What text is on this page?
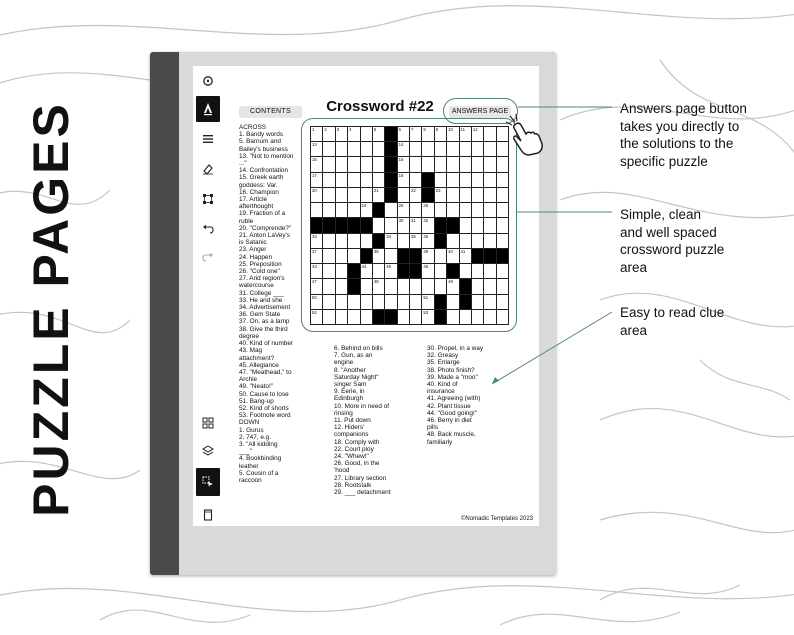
PUZZLE PAGES	CONTENTS	Crossword #22	ANSWERS PAGE
1 2 3 4	5	6 7 8 9 10 11 12
13	14
15	16
17	18
20	21	22	23
24	25	26
30 31 32
33	34	35 36
37	38	39	40 41
43	44	45	46
47	48	49
50	51
52	53
ACROSS
1. Bandy words
5. Barnum and
Bailey's business
13. "Not to mention
..."
14. Confrontation
15. Greek earth
goddess: Var.
16. Champion
17. Article
afterthought
19. Fraction of a
ruble
20. "Comprende?"
21. Anton LaVey's
is Satanic
23. Anger
24. Happen
25. Preposition
26. "Cold one"
27. Arid region's
watercourse
31. College ___
33. He and she
34. Advertisement
36. Gem State
37. On, as a lamp
38. Give the third
degree
40. Kind of number
43. Mag
attachment?
45. Allegiance
47. "Meathead," to
Archie
49. "Neato!"
50. Cause to lose
51. Bang-up
52. Kind of shorts
53. Footnote word
DOWN
1. Gurus
2. 747, e.g.
3. "All kidding
___"
4. Bookbinding
leather
5. Cousin of a
raccoon
6. Behind on bills
7. Gun, as an
engine
8. "Another
Saturday Night"
singer Sam
9. Eerie, in
Edinburgh
10. More in need of
rinsing
11. Put down
12. Hiders'
companions
18. Comply with
22. Court ploy
24. "Whew!"
26. Good, in the
'hood
27. Library section
28. Rootstalk
29. ___ detachment
30. Propel, in a way
32. Greasy
35. Enlarge
38. Photo finish?
39. Made a "moo"
40. Kind of
insurance
41. Agreeing (with)
42. Plant tissue
44. "Good going!"
46. Berry in diet
pills
48. Back muscle,
familiarly
©Nomadic Templates 2023
Answers page button
takes you directly to
the solutions to the
specific puzzle
Simple, clean
and well spaced
crossword puzzle
area
Easy to read clue
area
